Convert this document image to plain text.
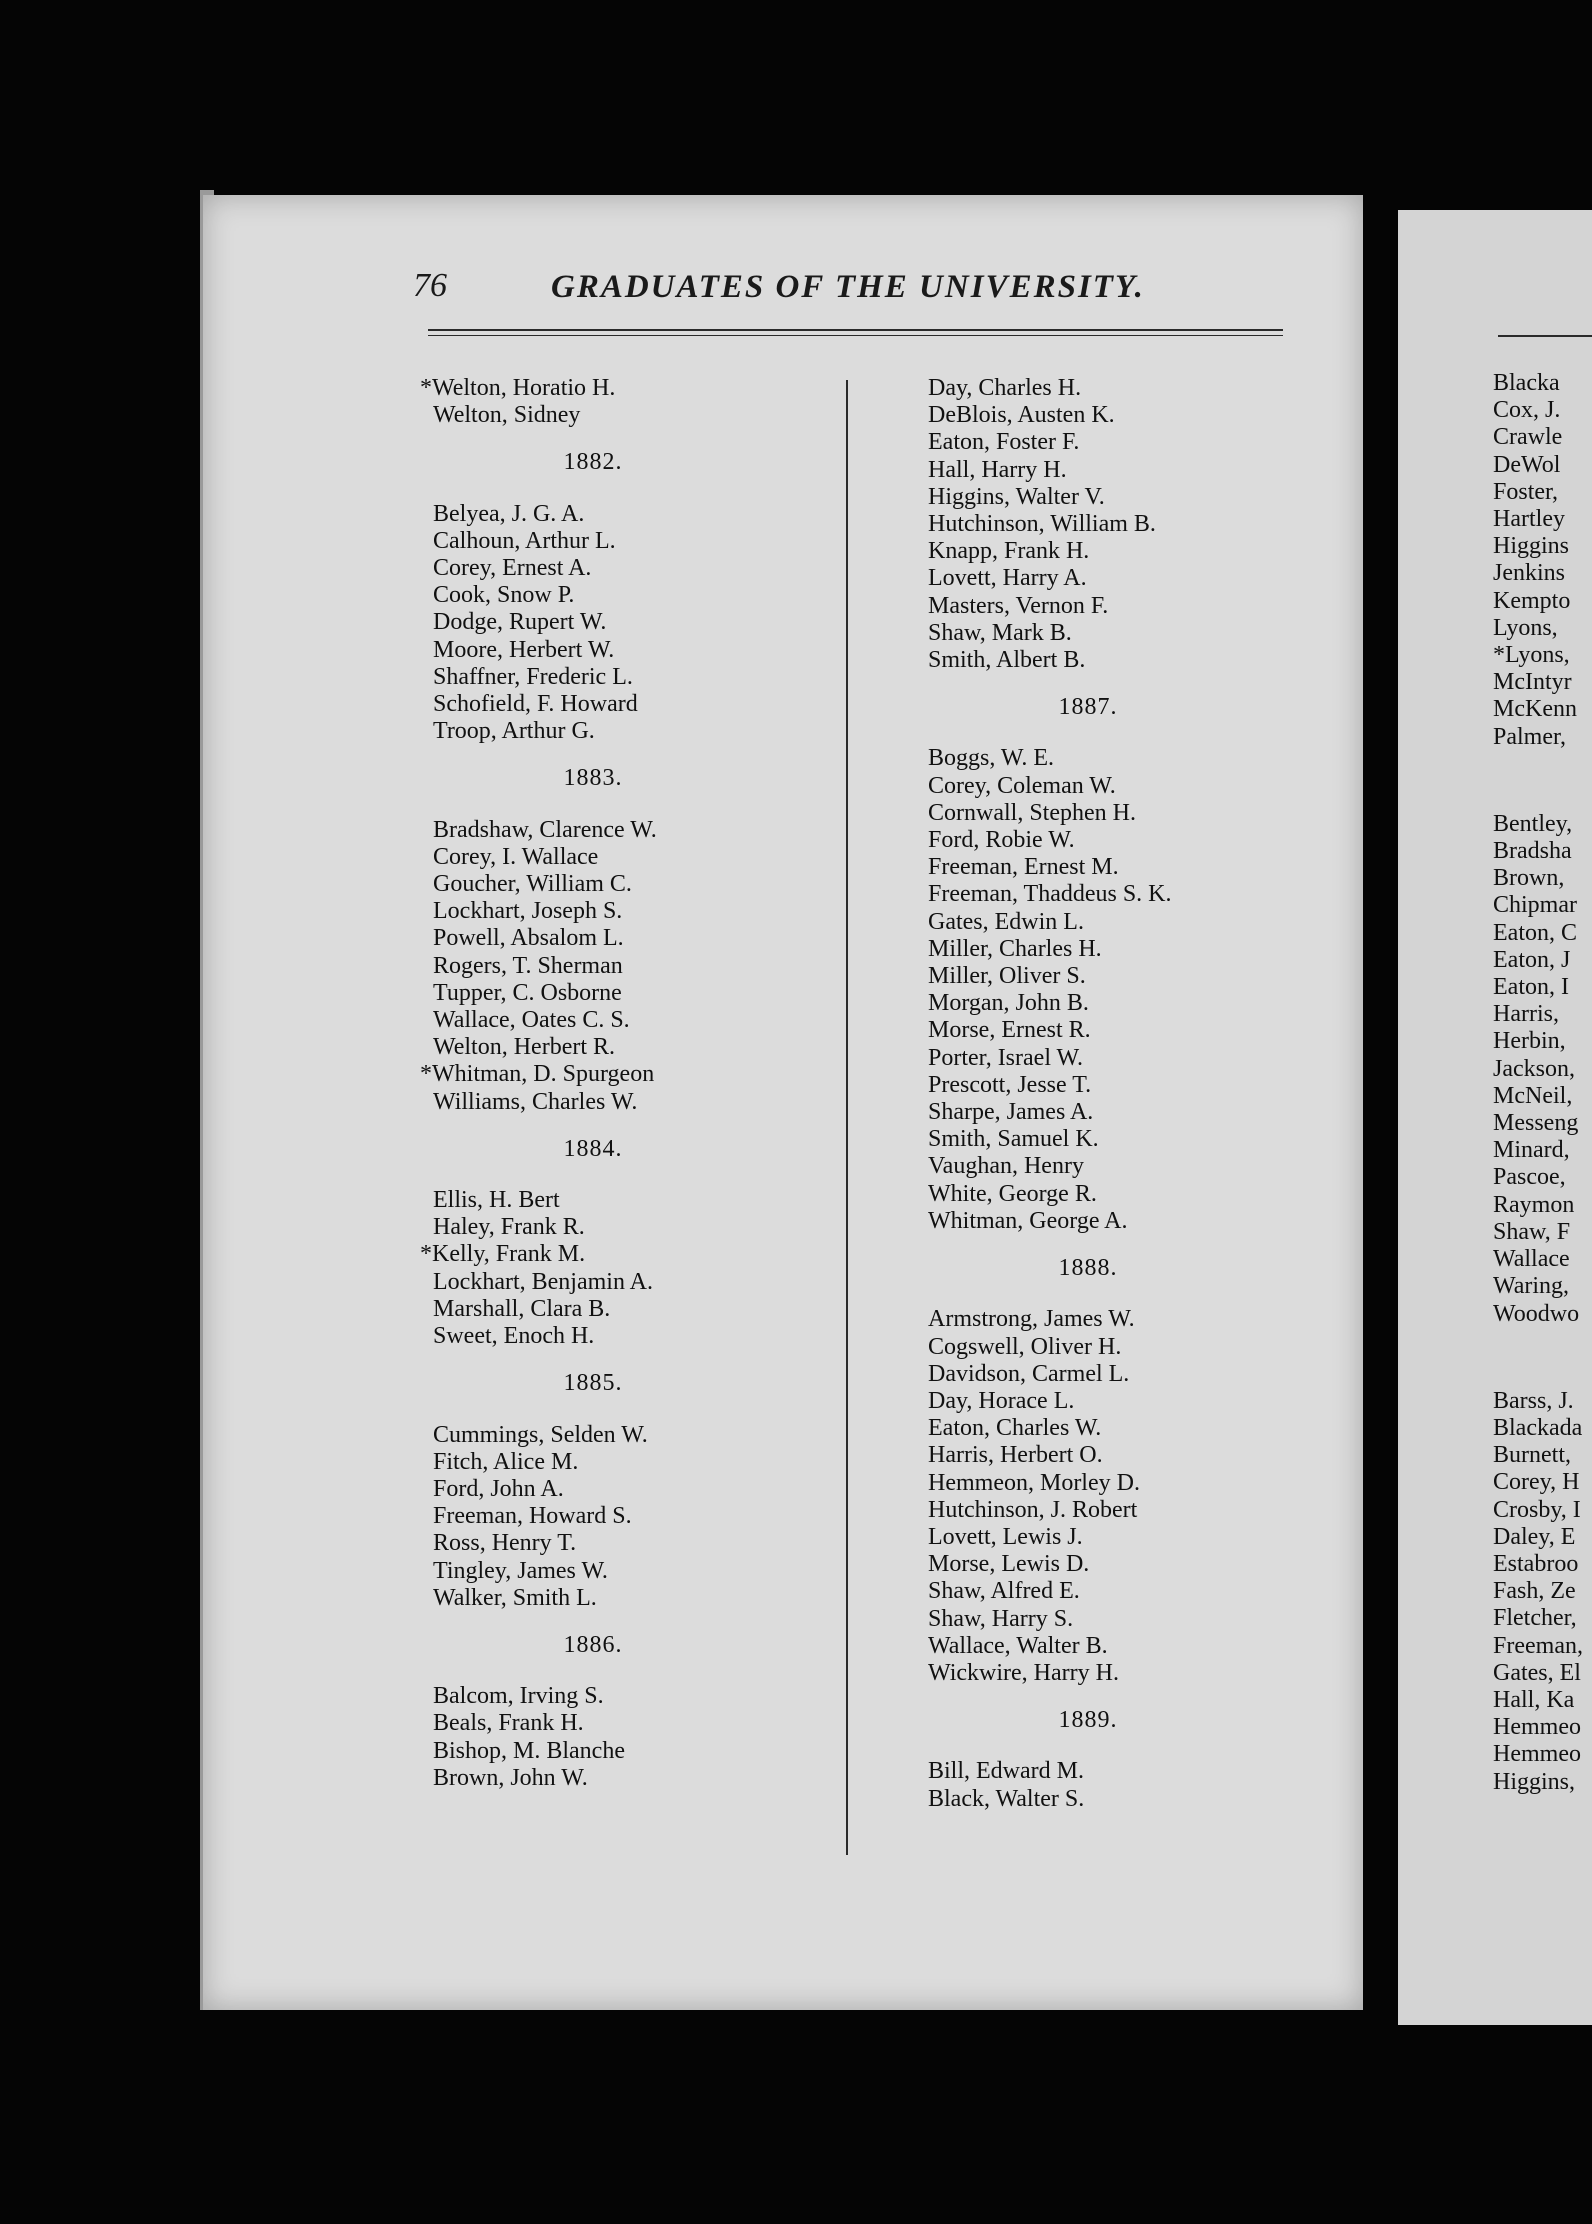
76	GRADUATES OF THE UNIVERSITY.
*Welton, Horatio H.
Welton, Sidney
1882.
Belyea, J. G. A.
Calhoun, Arthur L.
Corey, Ernest A.
Cook, Snow P.
Dodge, Rupert W.
Moore, Herbert W.
Shaffner, Frederic L.
Schofield, F. Howard
Troop, Arthur G.
1883.
Bradshaw, Clarence W.
Corey, I. Wallace
Goucher, William C.
Lockhart, Joseph S.
Powell, Absalom L.
Rogers, T. Sherman
Tupper, C. Osborne
Wallace, Oates C. S.
Welton, Herbert R.
*Whitman, D. Spurgeon
Williams, Charles W.
1884.
Ellis, H. Bert
Haley, Frank R.
*Kelly, Frank M.
Lockhart, Benjamin A.
Marshall, Clara B.
Sweet, Enoch H.
1885.
Cummings, Selden W.
Fitch, Alice M.
Ford, John A.
Freeman, Howard S.
Ross, Henry T.
Tingley, James W.
Walker, Smith L.
1886.
Balcom, Irving S.
Beals, Frank H.
Bishop, M. Blanche
Brown, John W.
Day, Charles H.
DeBlois, Austen K.
Eaton, Foster F.
Hall, Harry H.
Higgins, Walter V.
Hutchinson, William B.
Knapp, Frank H.
Lovett, Harry A.
Masters, Vernon F.
Shaw, Mark B.
Smith, Albert B.
1887.
Boggs, W. E.
Corey, Coleman W.
Cornwall, Stephen H.
Ford, Robie W.
Freeman, Ernest M.
Freeman, Thaddeus S. K.
Gates, Edwin L.
Miller, Charles H.
Miller, Oliver S.
Morgan, John B.
Morse, Ernest R.
Porter, Israel W.
Prescott, Jesse T.
Sharpe, James A.
Smith, Samuel K.
Vaughan, Henry
White, George R.
Whitman, George A.
1888.
Armstrong, James W.
Cogswell, Oliver H.
Davidson, Carmel L.
Day, Horace L.
Eaton, Charles W.
Harris, Herbert O.
Hemmeon, Morley D.
Hutchinson, J. Robert
Lovett, Lewis J.
Morse, Lewis D.
Shaw, Alfred E.
Shaw, Harry S.
Wallace, Walter B.
Wickwire, Harry H.
1889.
Bill, Edward M.
Black, Walter S.
Blacka
Cox, J.
Crawle
DeWol
Foster,
Hartley
Higgins
Jenkins
Kempto
Lyons,
*Lyons,
McIntyr
McKenn
Palmer,
Bentley,
Bradsha
Brown,
Chipmar
Eaton, C
Eaton, J
Eaton, I
Harris,
Herbin,
Jackson,
McNeil,
Messeng
Minard,
Pascoe,
Raymon
Shaw, F
Wallace
Waring,
Woodwo
Barss, J.
Blackada
Burnett,
Corey, H
Crosby, I
Daley, E
Estabroo
Fash, Ze
Fletcher,
Freeman,
Gates, El
Hall, Ka
Hemmeo
Hemmeo
Higgins,
